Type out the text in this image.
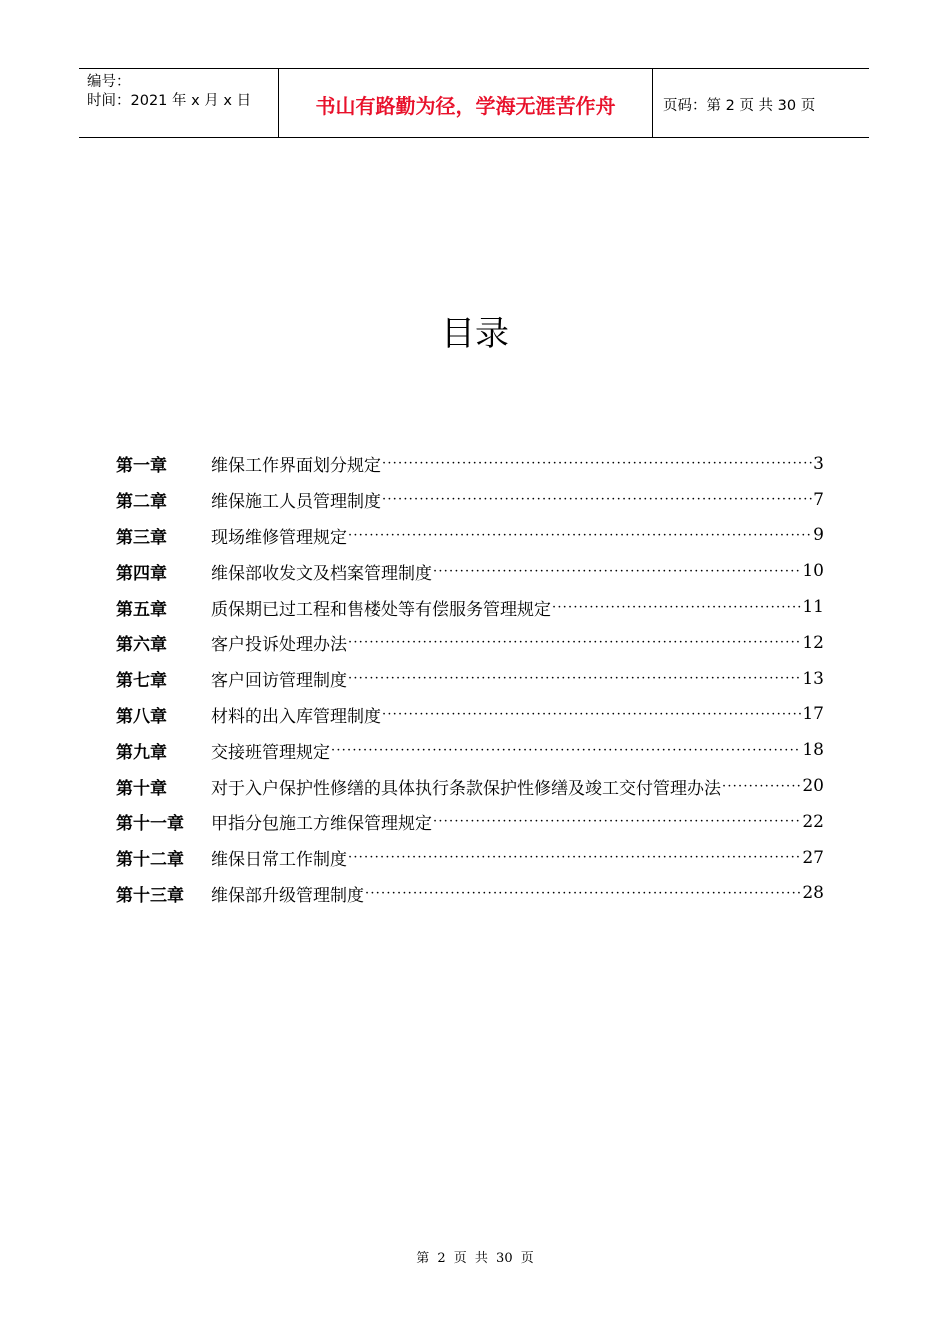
编号：
时间：2021 年 x 月 x 日	书山有路勤为径，学海无涯苦作舟	页码：第 2 页 共 30 页
目录
第一章	维保工作界面划分规定 ·····	3
第二章	维保施工人员管理制度 ·····	7
第三章	现场维修管理规定 ·····	9
第四章	维保部收发文及档案管理制度 ·····	10
第五章	质保期已过工程和售楼处等有偿服务管理规定 ·····	11
第六章	客户投诉处理办法 ·····	12
第七章	客户回访管理制度 ·····	13
第八章	材料的出入库管理制度 ·····	17
第九章	交接班管理规定 ·····	18
第十章	对于入户保护性修缮的具体执行条款保护性修缮及竣工交付管理办法 ·····	20
第十一章	甲指分包施工方维保管理规定 ·····	22
第十二章	维保日常工作制度 ·····	27
第十三章	维保部升级管理制度 ·····	28
第 2 页 共 30 页
